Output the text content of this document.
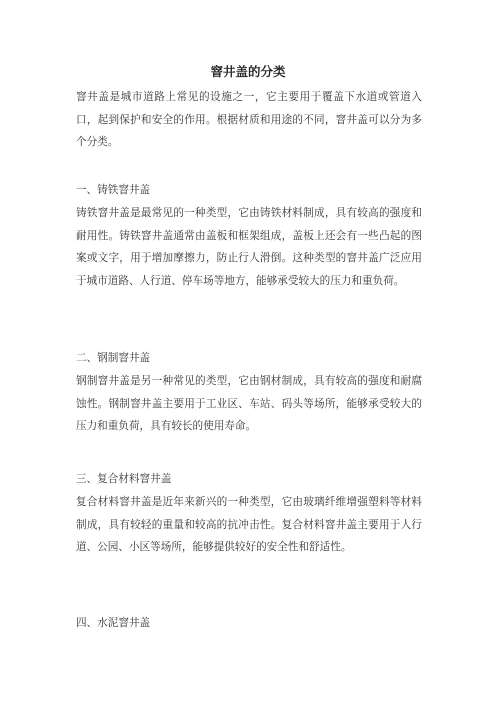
窨井盖的分类

窨井盖是城市道路上常见的设施之一，它主要用于覆盖下水道或管道入口，起到保护和安全的作用。根据材质和用途的不同，窨井盖可以分为多个分类。

一、铸铁窨井盖

铸铁窨井盖是最常见的一种类型，它由铸铁材料制成，具有较高的强度和耐用性。铸铁窨井盖通常由盖板和框架组成，盖板上还会有一些凸起的图案或文字，用于增加摩擦力，防止行人滑倒。这种类型的窨井盖广泛应用于城市道路、人行道、停车场等地方，能够承受较大的压力和重负荷。

二、钢制窨井盖

钢制窨井盖是另一种常见的类型，它由钢材制成，具有较高的强度和耐腐蚀性。钢制窨井盖主要用于工业区、车站、码头等场所，能够承受较大的压力和重负荷，具有较长的使用寿命。

三、复合材料窨井盖

复合材料窨井盖是近年来新兴的一种类型，它由玻璃纤维增强塑料等材料制成，具有较轻的重量和较高的抗冲击性。复合材料窨井盖主要用于人行道、公园、小区等场所，能够提供较好的安全性和舒适性。

四、水泥窨井盖
